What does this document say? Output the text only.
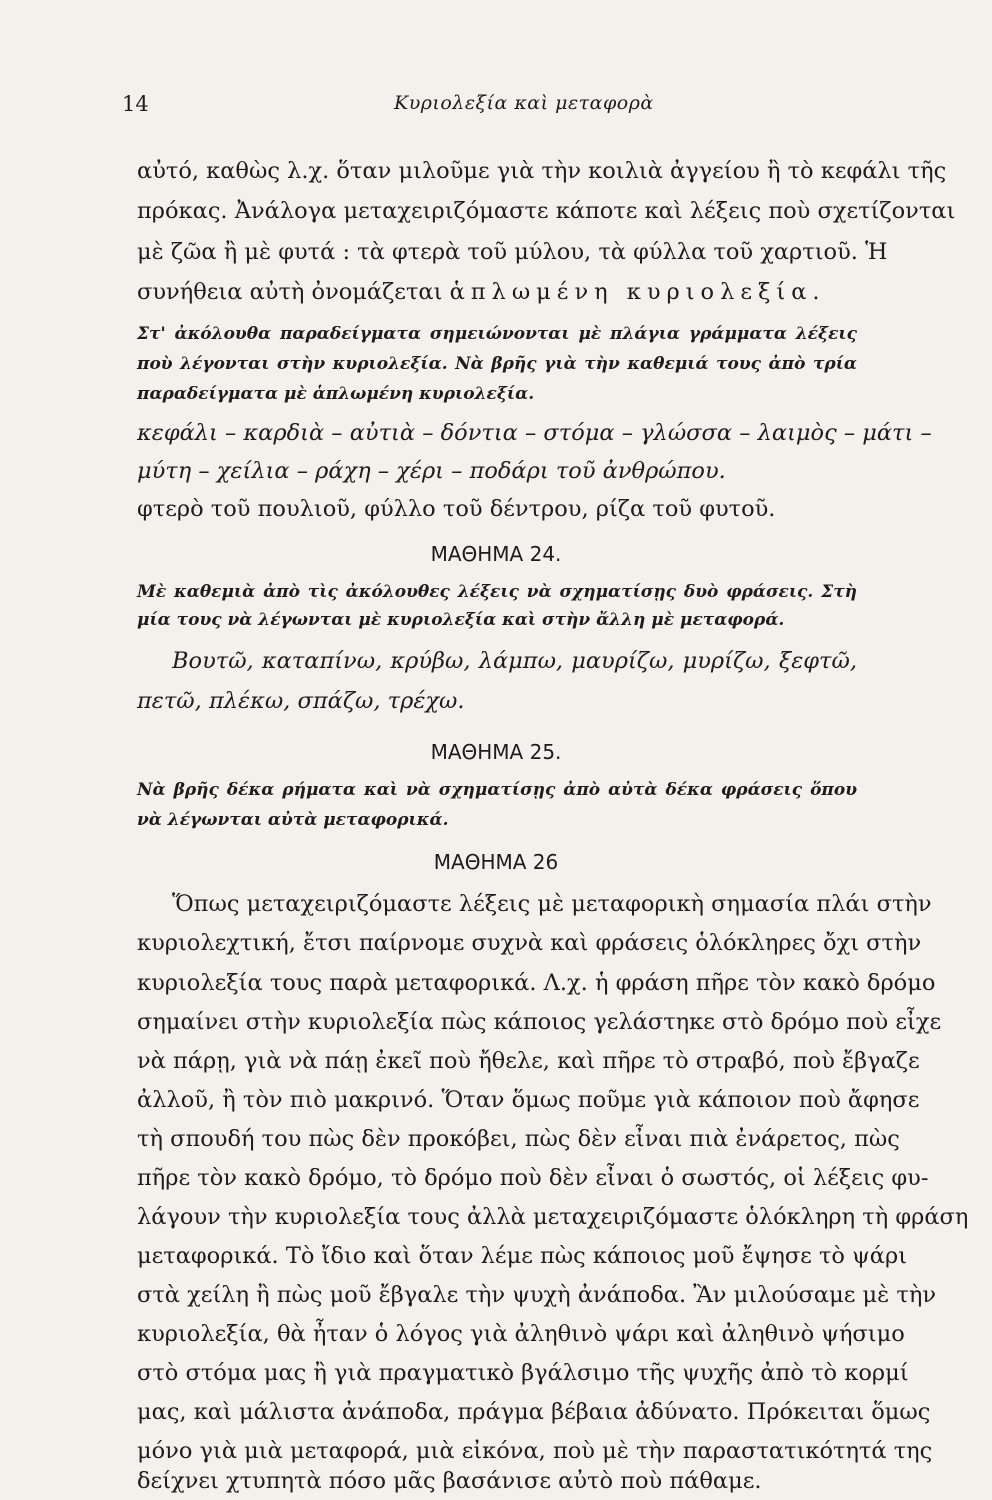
14	Κυριολεξία καὶ μεταφορὰ
αὐτό, καθὼς λ.χ. ὅταν μιλοῦμε γιὰ τὴν κοιλιὰ ἀγγείου ἢ τὸ κεφάλι τῆς
πρόκας. Ἀνάλογα μεταχειριζόμαστε κάποτε καὶ λέξεις ποὺ σχετίζονται
μὲ ζῶα ἢ μὲ φυτά : τὰ φτερὰ τοῦ μύλου, τὰ φύλλα τοῦ χαρτιοῦ. Ἡ
συνήθεια αὐτὴ ὀνομάζεται ἁπλωμένη κυριολεξία.
Στ' ἀκόλουθα παραδείγματα σημειώνονται μὲ πλάγια γράμματα λέξεις
ποὺ λέγονται στὴν κυριολεξία. Νὰ βρῆς γιὰ τὴν καθεμιά τους ἀπὸ τρία
παραδείγματα μὲ ἁπλωμένη κυριολεξία.
κεφάλι – καρδιὰ – αὐτιὰ – δόντια – στόμα – γλώσσα – λαιμὸς – μάτι –
μύτη – χείλια – ράχη – χέρι – ποδάρι τοῦ ἀνθρώπου.
φτερὸ τοῦ πουλιοῦ, φύλλο τοῦ δέντρου, ρίζα τοῦ φυτοῦ.
ΜΑΘΗΜΑ 24.
Μὲ καθεμιὰ ἀπὸ τὶς ἀκόλουθες λέξεις νὰ σχηματίσῃς δυὸ φράσεις. Στὴ
μία τους νὰ λέγωνται μὲ κυριολεξία καὶ στὴν ἄλλη μὲ μεταφορά.
Βουτῶ, καταπίνω, κρύβω, λάμπω, μαυρίζω, μυρίζω, ξεφτῶ,
πετῶ, πλέκω, σπάζω, τρέχω.
ΜΑΘΗΜΑ 25.
Νὰ βρῆς δέκα ρήματα καὶ νὰ σχηματίσῃς ἀπὸ αὐτὰ δέκα φράσεις ὅπου
νὰ λέγωνται αὐτὰ μεταφορικά.
ΜΑΘΗΜΑ 26
Ὅπως μεταχειριζόμαστε λέξεις μὲ μεταφορικὴ σημασία πλάι στὴν
κυριολεχτική, ἔτσι παίρνομε συχνὰ καὶ φράσεις ὁλόκληρες ὄχι στὴν
κυριολεξία τους παρὰ μεταφορικά. Λ.χ. ἡ φράση πῆρε τὸν κακὸ δρόμο
σημαίνει στὴν κυριολεξία πὼς κάποιος γελάστηκε στὸ δρόμο ποὺ εἶχε
νὰ πάρῃ, γιὰ νὰ πάῃ ἐκεῖ ποὺ ἤθελε, καὶ πῆρε τὸ στραβό, ποὺ ἔβγαζε
ἀλλοῦ, ἢ τὸν πιὸ μακρινό. Ὅταν ὅμως ποῦμε γιὰ κάποιον ποὺ ἄφησε
τὴ σπουδή του πὼς δὲν προκόβει, πὼς δὲν εἶναι πιὰ ἐνάρετος, πὼς
πῆρε τὸν κακὸ δρόμο, τὸ δρόμο ποὺ δὲν εἶναι ὁ σωστός, οἱ λέξεις φυ-
λάγουν τὴν κυριολεξία τους ἀλλὰ μεταχειριζόμαστε ὁλόκληρη τὴ φράση
μεταφορικά. Τὸ ἴδιο καὶ ὅταν λέμε πὼς κάποιος μοῦ ἔψησε τὸ ψάρι
στὰ χείλη ἢ πὼς μοῦ ἔβγαλε τὴν ψυχὴ ἀνάποδα. Ἂν μιλούσαμε μὲ τὴν
κυριολεξία, θὰ ἦταν ὁ λόγος γιὰ ἀληθινὸ ψάρι καὶ ἀληθινὸ ψήσιμο
στὸ στόμα μας ἢ γιὰ πραγματικὸ βγάλσιμο τῆς ψυχῆς ἀπὸ τὸ κορμί
μας, καὶ μάλιστα ἀνάποδα, πράγμα βέβαια ἀδύνατο. Πρόκειται ὅμως
μόνο γιὰ μιὰ μεταφορά, μιὰ εἰκόνα, ποὺ μὲ τὴν παραστατικότητά της
δείχνει χτυπητὰ πόσο μᾶς βασάνισε αὐτὸ ποὺ πάθαμε.
